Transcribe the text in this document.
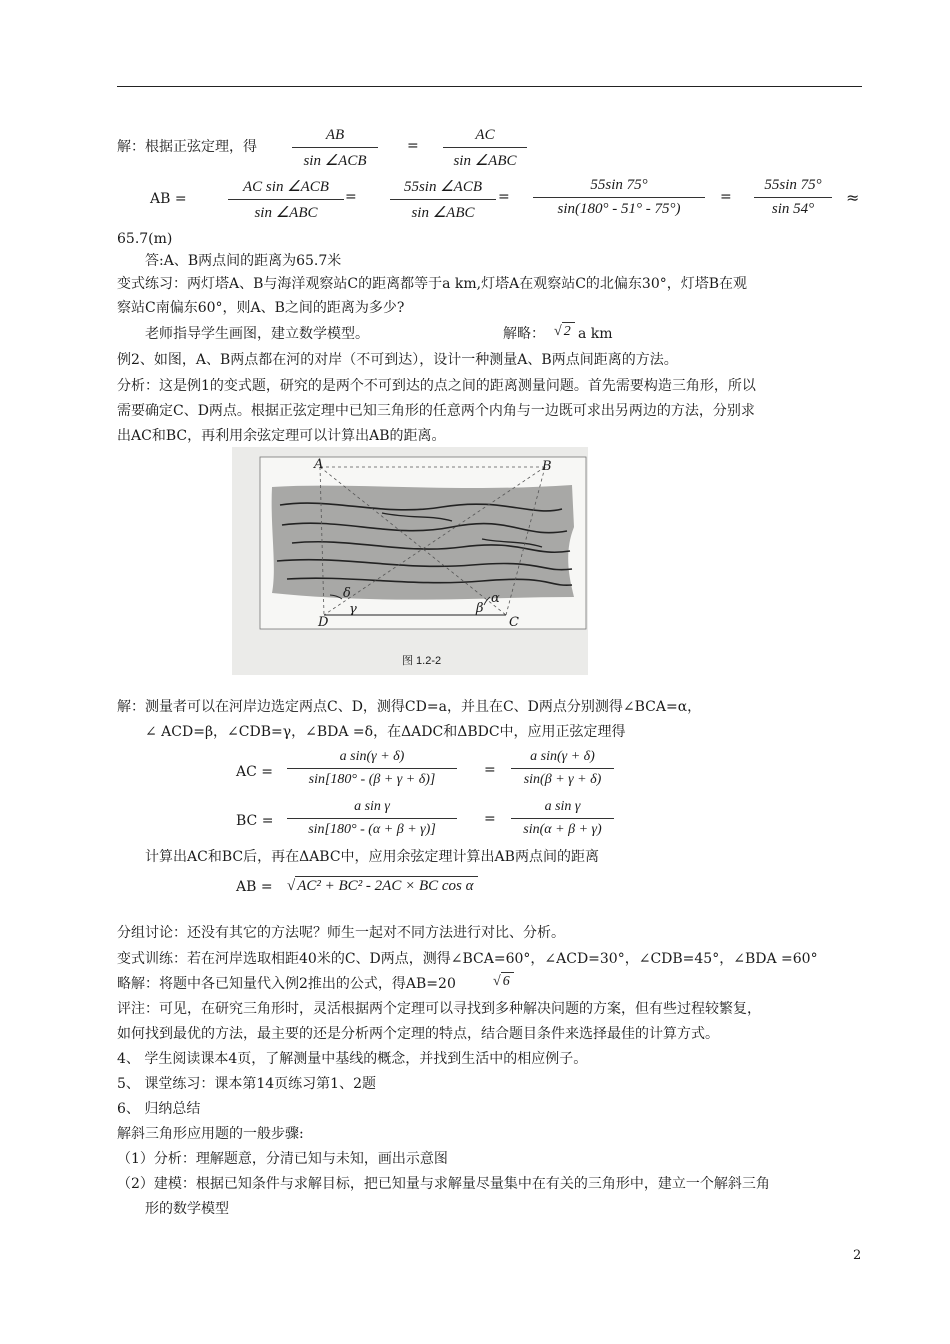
解：根据正弦定理，得
AB
sin ∠ACB
=
AC
sin ∠ABC
AB =
AC sin ∠ACB
sin ∠ABC
=
55sin ∠ACB
sin ∠ABC
= $\frac{55\sin 75^\circ}{\sin(180^\circ - 51^\circ - 75^\circ)} = \frac{55\sin 75^\circ}{\sin 54^\circ}$ ≈
65.7(m)
答:A、B两点间的距离为65.7米
变式练习：两灯塔A、B与海洋观察站C的距离都等于a km,灯塔A在观察站C的北偏东30°，灯塔B在观
察站C南偏东60°，则A、B之间的距离为多少?
老师指导学生画图，建立数学模型。	解略： √ 2 a km
例2、如图，A、B两点都在河的对岸（不可到达），设计一种测量A、B两点间距离的方法。
分析：这是例1的变式题，研究的是两个不可到达的点之间的距离测量问题。首先需要构造三角形，所以
需要确定C、D两点。根据正弦定理中已知三角形的任意两个内角与一边既可求出另两边的方法，分别求
出AC和BC，再利用余弦定理可以计算出AB的距离。
A	B
D	C
δ
γ	β
α
图 1.2-2
解：测量者可以在河岸边选定两点C、D，测得CD=a，并且在C、D两点分别测得∠BCA=α，
∠ ACD=β，∠CDB=γ，∠BDA =δ，在ΔADC和ΔBDC中，应用正弦定理得
AC = $\frac{\text{a sin(γ + δ)}}{\sin[180^\circ - (\beta + \gamma + \delta)]} = \frac{\text{a sin(γ + δ)}}{\sin(\beta + \gamma + \delta)}$
BC = $\frac{\text{a sin γ}}{\sin[180^\circ - (\alpha + \beta + \gamma)]} = \frac{\text{a sin γ}}{\sin(\alpha + \beta + \gamma)}$
计算出AC和BC后，再在ΔABC中，应用余弦定理计算出AB两点间的距离
AB = √ AC² + BC² - 2AC × BC cos α
分组讨论：还没有其它的方法呢？师生一起对不同方法进行对比、分析。
变式训练：若在河岸选取相距40米的C、D两点，测得∠BCA=60°，∠ACD=30°，∠CDB=45°，∠BDA =60°
略解：将题中各已知量代入例2推出的公式，得AB=20	√ 6
评注：可见，在研究三角形时，灵活根据两个定理可以寻找到多种解决问题的方案，但有些过程较繁复，
如何找到最优的方法，最主要的还是分析两个定理的特点，结合题目条件来选择最佳的计算方式。
4、 学生阅读课本4页，了解测量中基线的概念，并找到生活中的相应例子。
5、 课堂练习：课本第14页练习第1、2题
6、 归纳总结
解斜三角形应用题的一般步骤:
（1）分析：理解题意，分清已知与未知，画出示意图
（2）建模：根据已知条件与求解目标，把已知量与求解量尽量集中在有关的三角形中，建立一个解斜三角
形的数学模型
2
